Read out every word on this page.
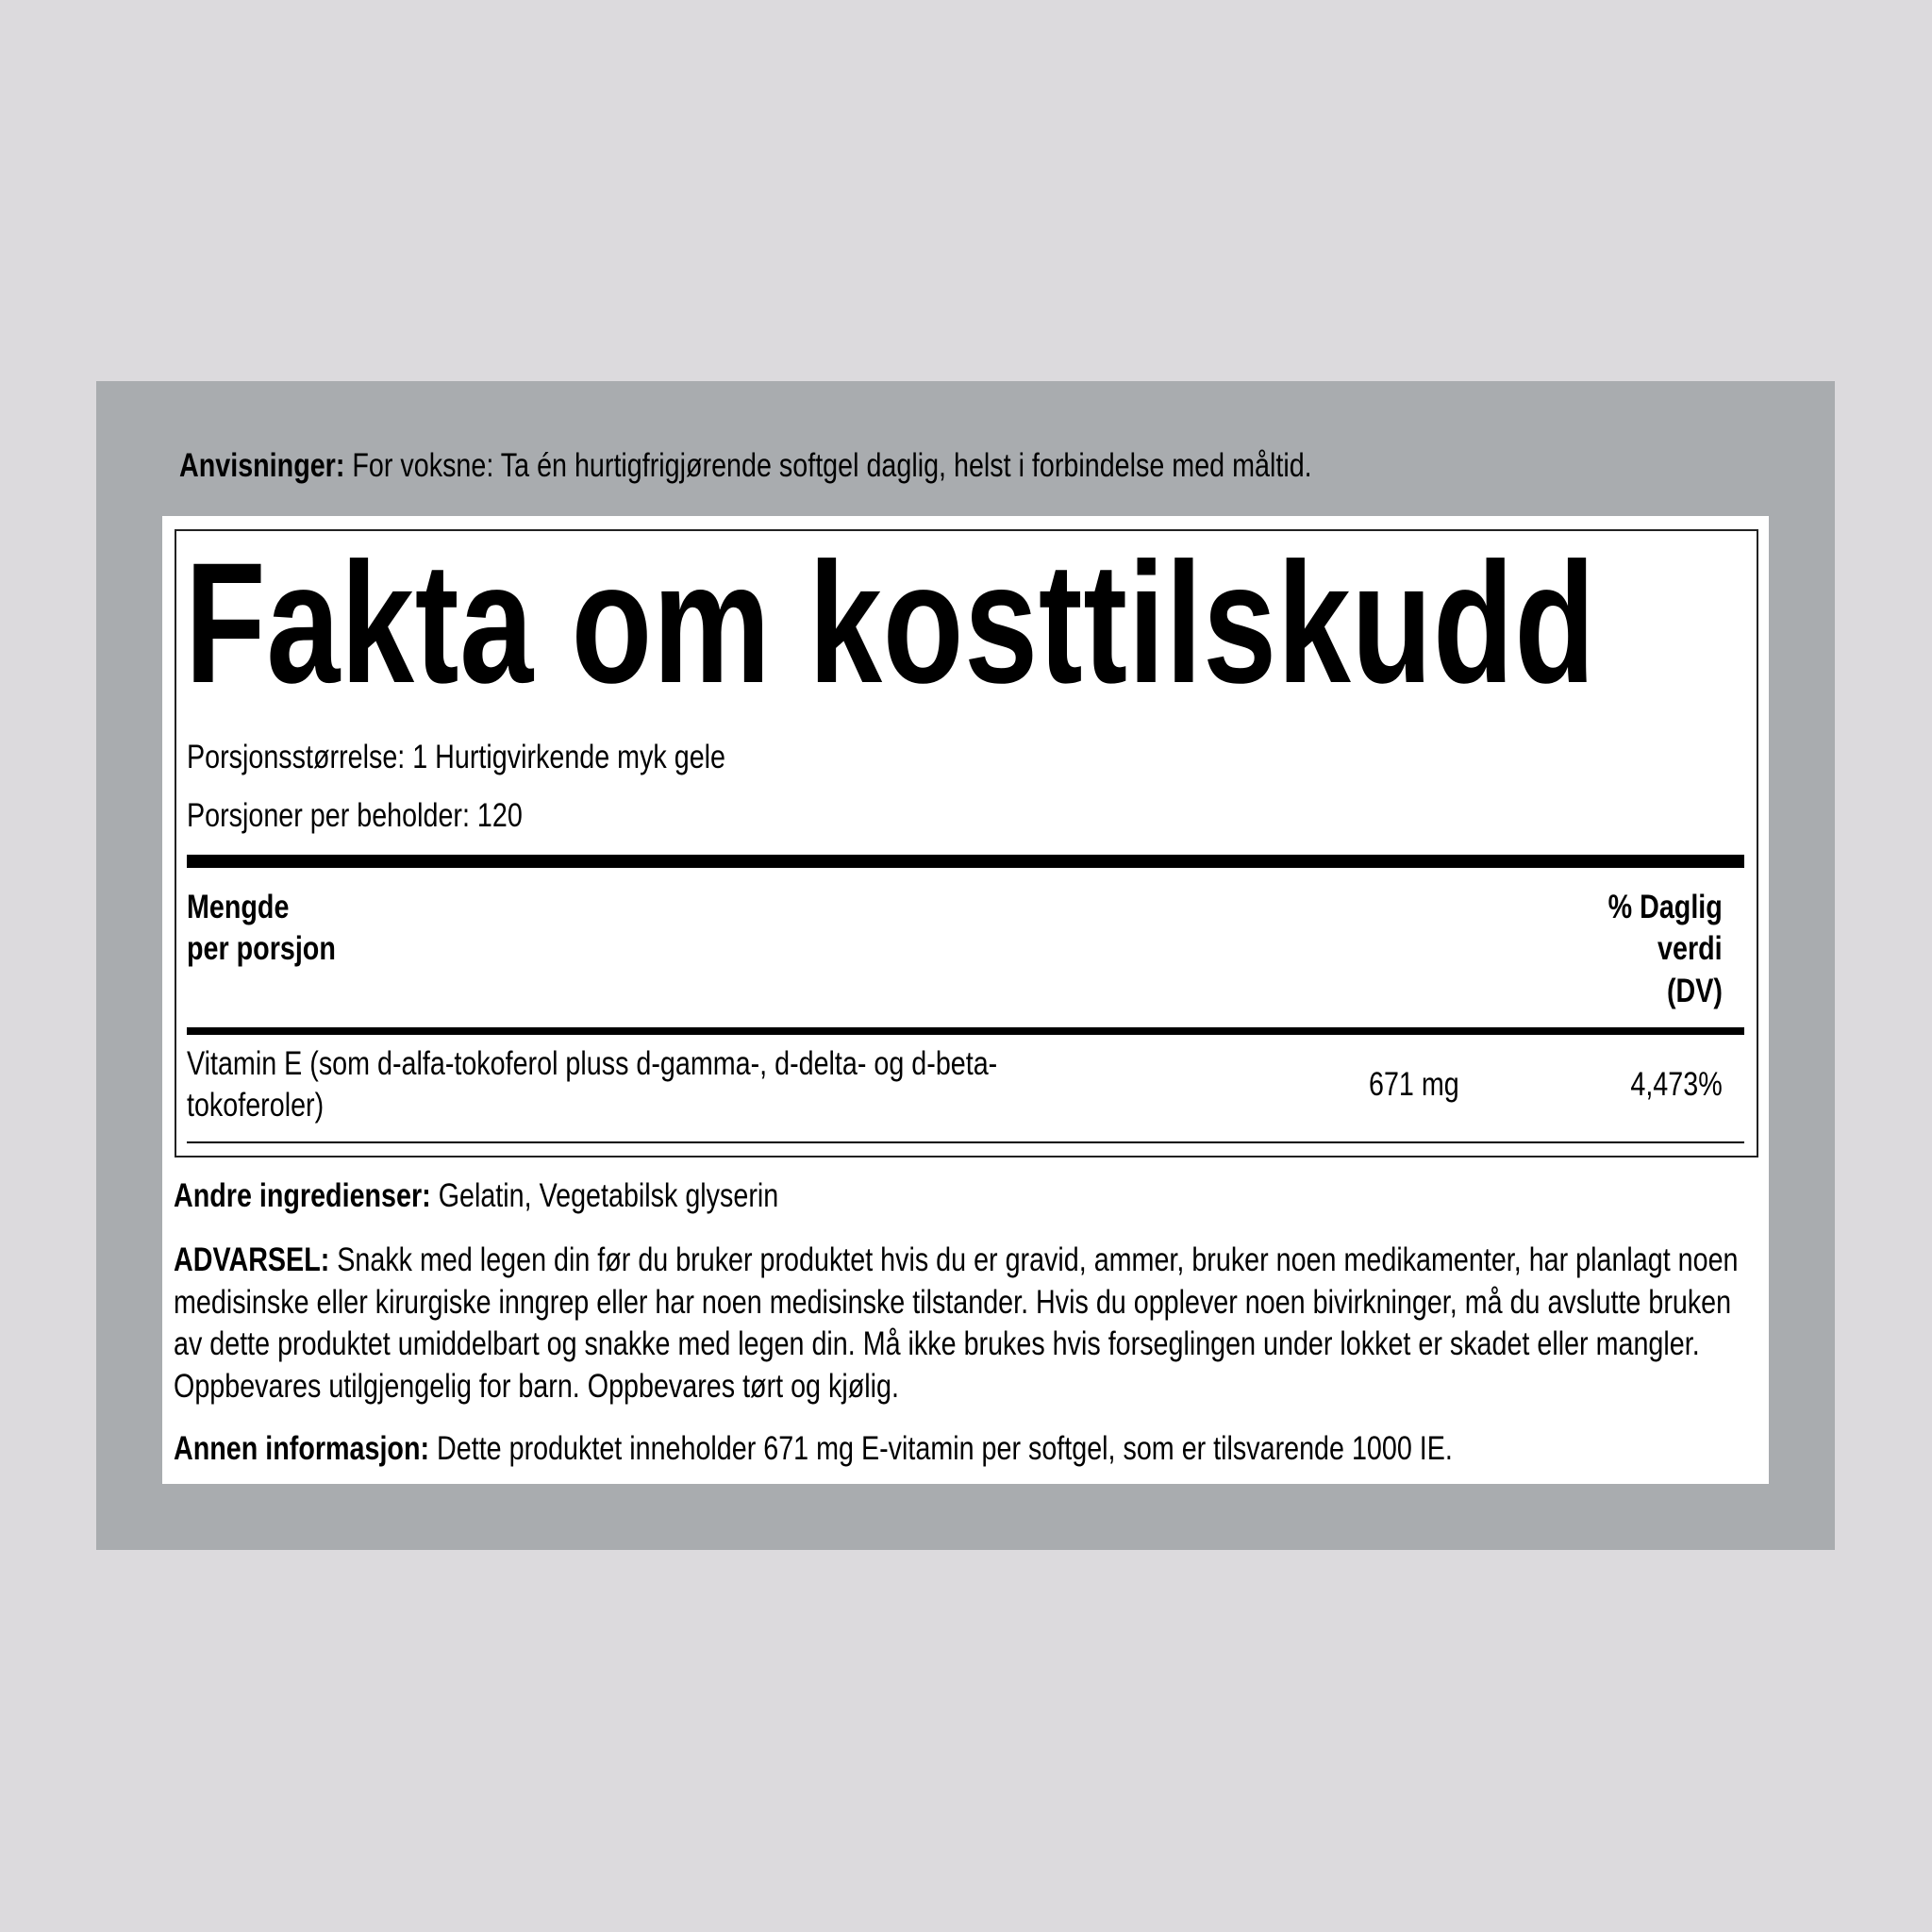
Anvisninger: For voksne: Ta én hurtigfrigjørende softgel daglig, helst i forbindelse med måltid.
Fakta om kosttilskudd
Porsjonsstørrelse: 1 Hurtigvirkende myk gele
Porsjoner per beholder: 120
Mengde
per porsjon
% Daglig
verdi
(DV)
Vitamin E (som d-alfa-tokoferol pluss d-gamma-, d-delta- og d-beta-
tokoferoler)
671 mg	4,473%
Andre ingredienser: Gelatin, Vegetabilsk glyserin
ADVARSEL: Snakk med legen din før du bruker produktet hvis du er gravid, ammer, bruker noen medikamenter, har planlagt noen medisinske eller kirurgiske inngrep eller har noen medisinske tilstander. Hvis du opplever noen bivirkninger, må du avslutte bruken av dette produktet umiddelbart og snakke med legen din. Må ikke brukes hvis forseglingen under lokket er skadet eller mangler. Oppbevares utilgjengelig for barn. Oppbevares tørt og kjølig.
Annen informasjon: Dette produktet inneholder 671 mg E-vitamin per softgel, som er tilsvarende 1000 IE.
